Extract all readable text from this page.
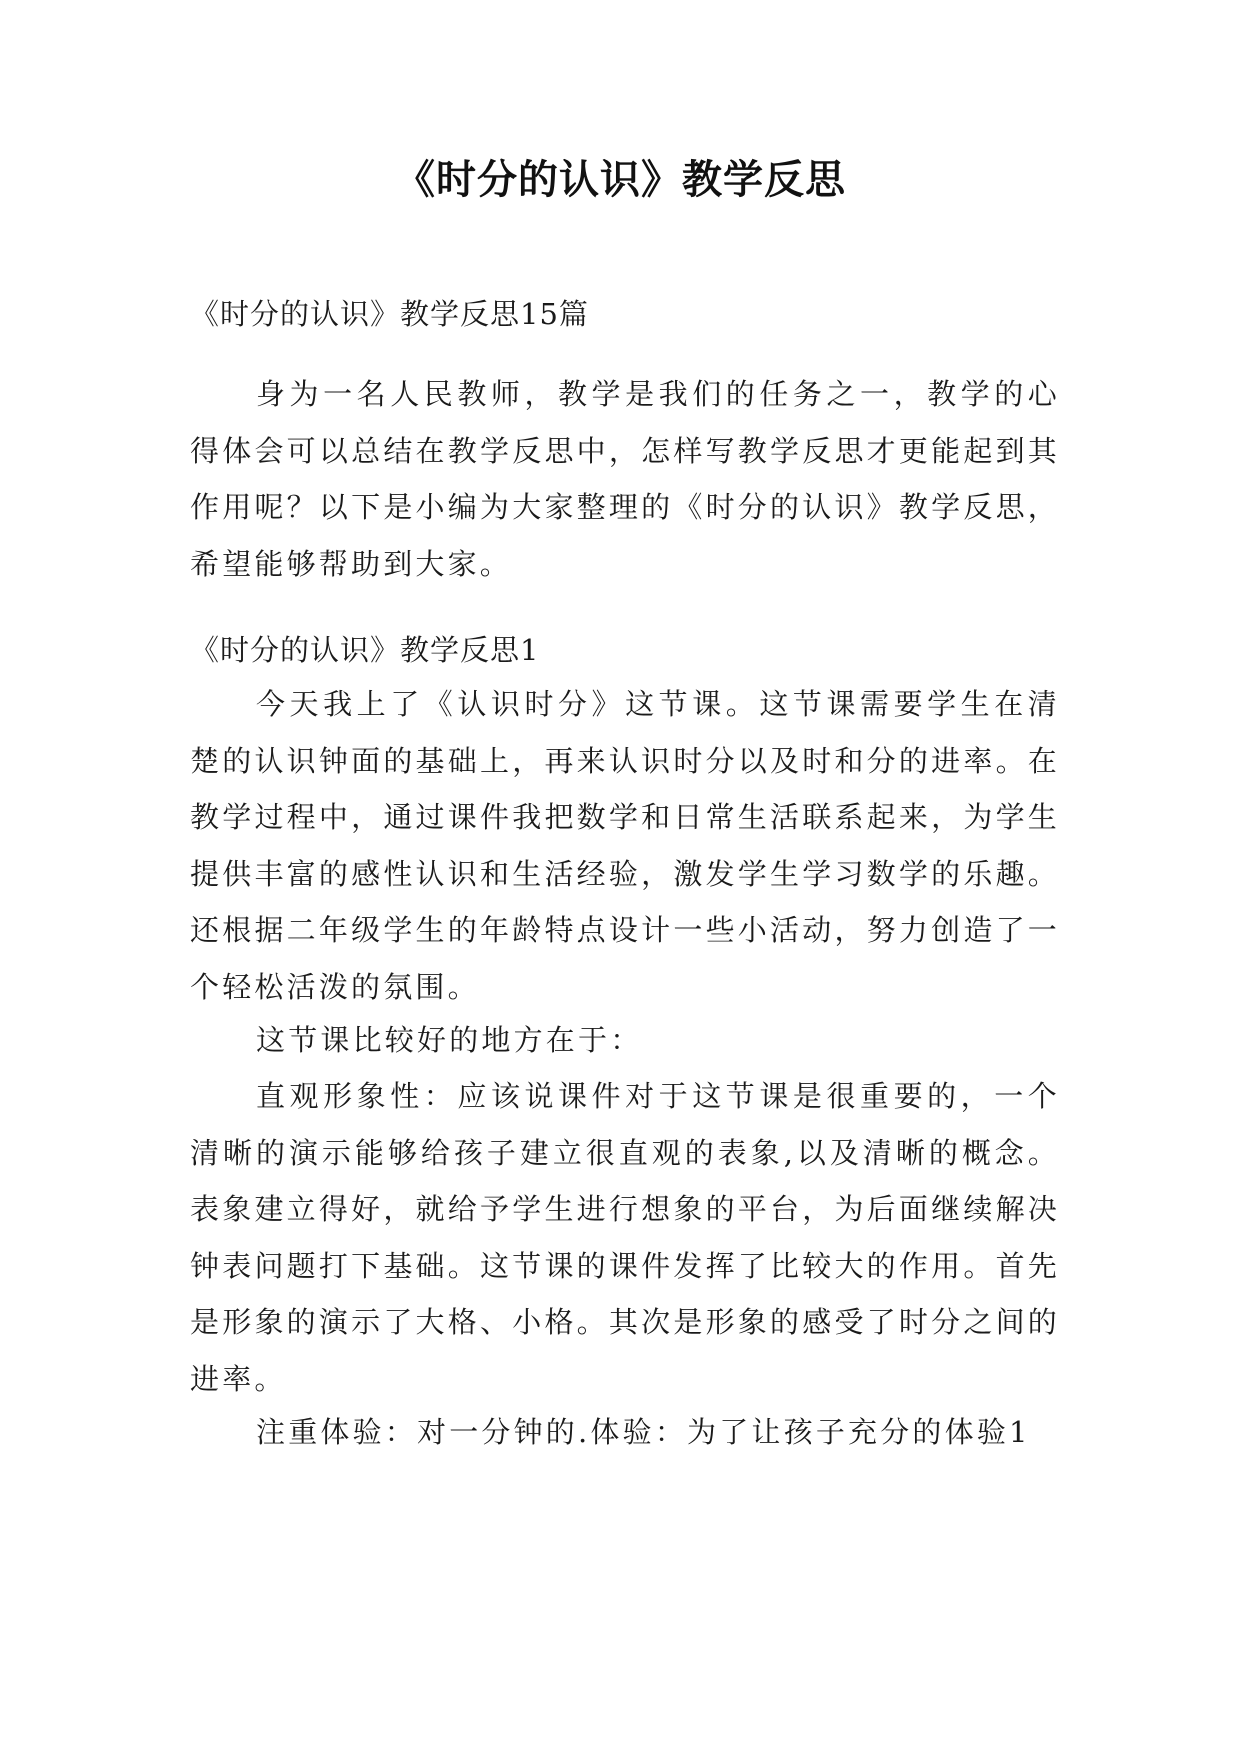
《时分的认识》教学反思
《时分的认识》教学反思15篇

身为一名人民教师，教学是我们的任务之一，教学的心得体会可以总结在教学反思中，怎样写教学反思才更能起到其作用呢？以下是小编为大家整理的《时分的认识》教学反思，希望能够帮助到大家。

《时分的认识》教学反思1

今天我上了《认识时分》这节课。这节课需要学生在清楚的认识钟面的基础上，再来认识时分以及时和分的进率。在教学过程中，通过课件我把数学和日常生活联系起来，为学生提供丰富的感性认识和生活经验，激发学生学习数学的乐趣。还根据二年级学生的年龄特点设计一些小活动，努力创造了一个轻松活泼的氛围。

这节课比较好的地方在于：

直观形象性：应该说课件对于这节课是很重要的，一个清晰的演示能够给孩子建立很直观的表象,以及清晰的概念。表象建立得好，就给予学生进行想象的平台，为后面继续解决钟表问题打下基础。这节课的课件发挥了比较大的作用。首先是形象的演示了大格、小格。其次是形象的感受了时分之间的进率。

注重体验：对一分钟的.体验：为了让孩子充分的体验1
